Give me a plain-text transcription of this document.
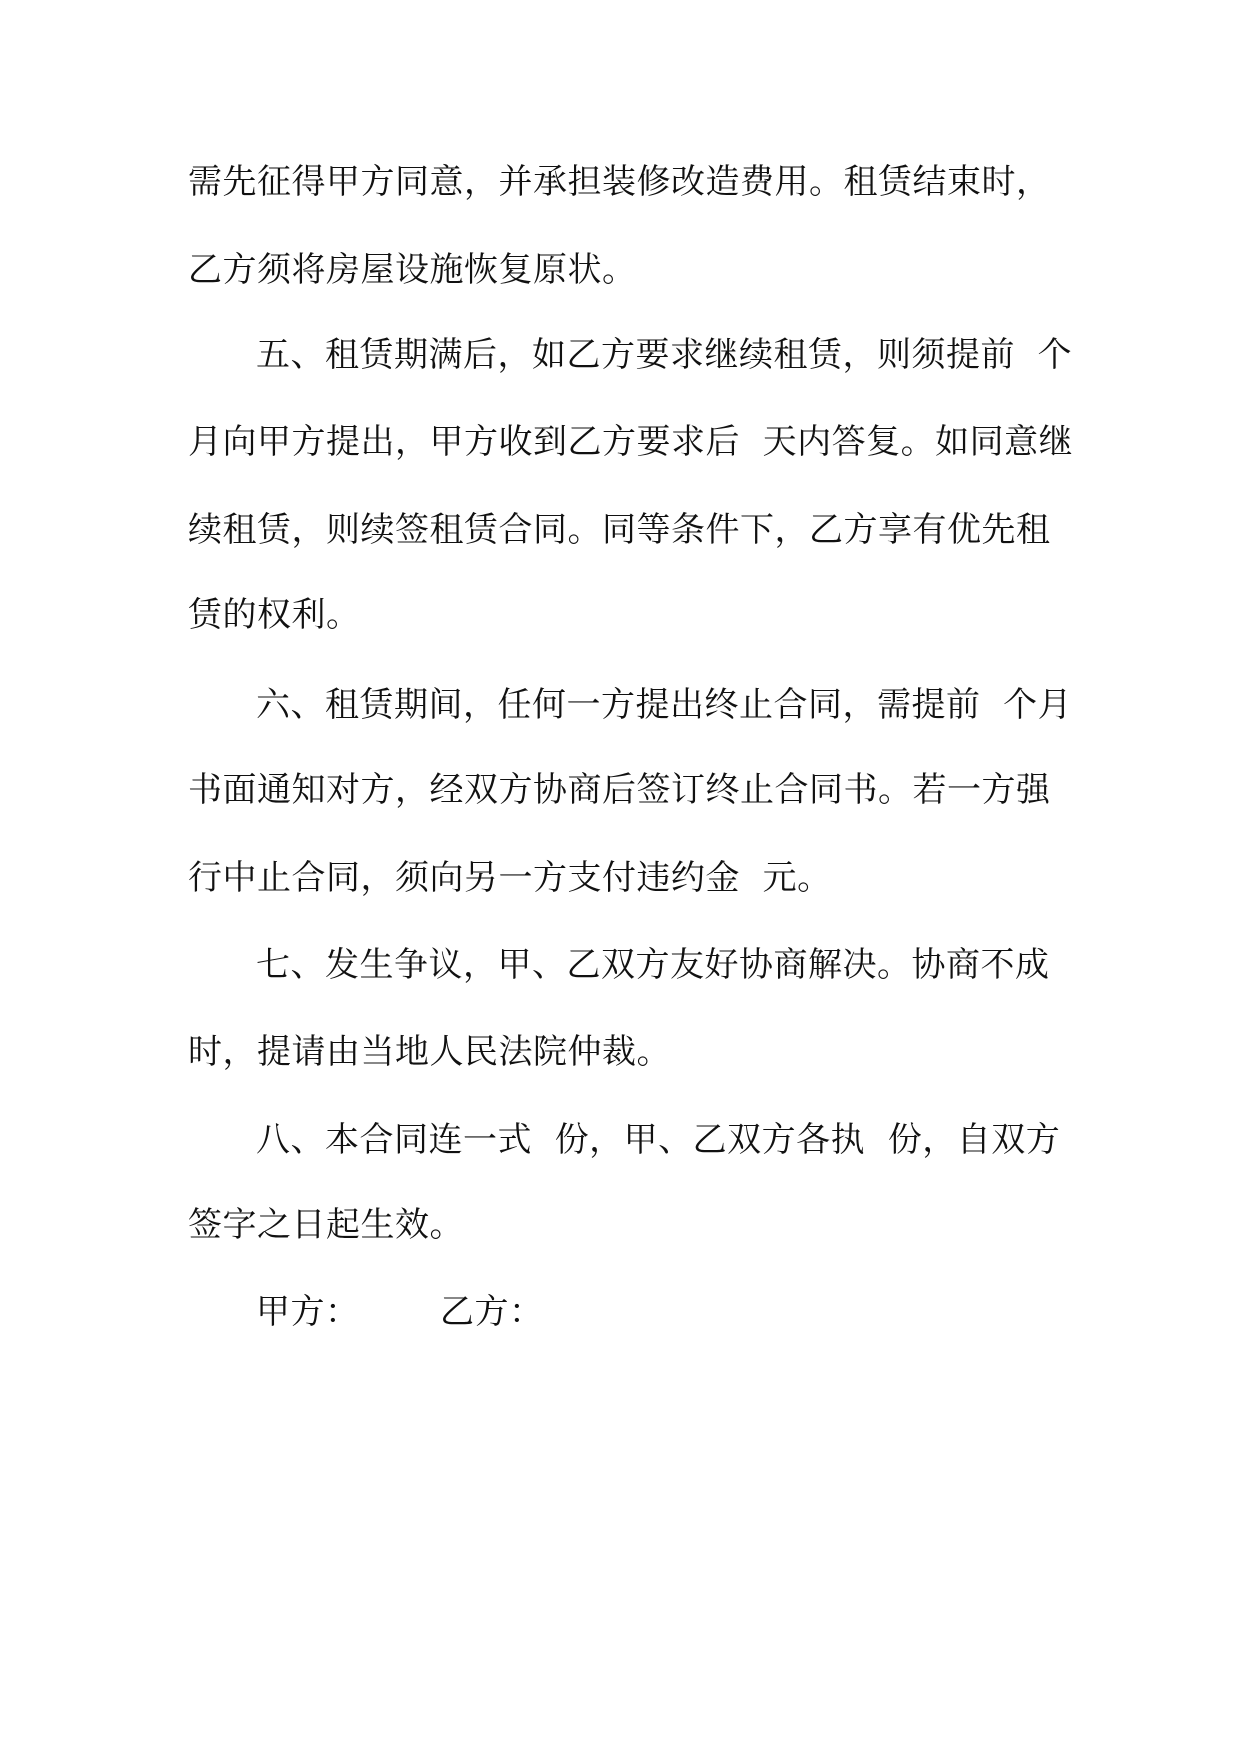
需先征得甲方同意，并承担装修改造费用。租赁结束时，
乙方须将房屋设施恢复原状。
五、租赁期满后，如乙方要求继续租赁，则须提前  个
月向甲方提出，甲方收到乙方要求后  天内答复。如同意继
续租赁，则续签租赁合同。同等条件下，乙方享有优先租
赁的权利。
六、租赁期间，任何一方提出终止合同，需提前  个月
书面通知对方，经双方协商后签订终止合同书。若一方强
行中止合同，须向另一方支付违约金  元。
七、发生争议，甲、乙双方友好协商解决。协商不成
时，提请由当地人民法院仲裁。
八、本合同连一式  份，甲、乙双方各执  份，自双方
签字之日起生效。
甲方： 乙方：
